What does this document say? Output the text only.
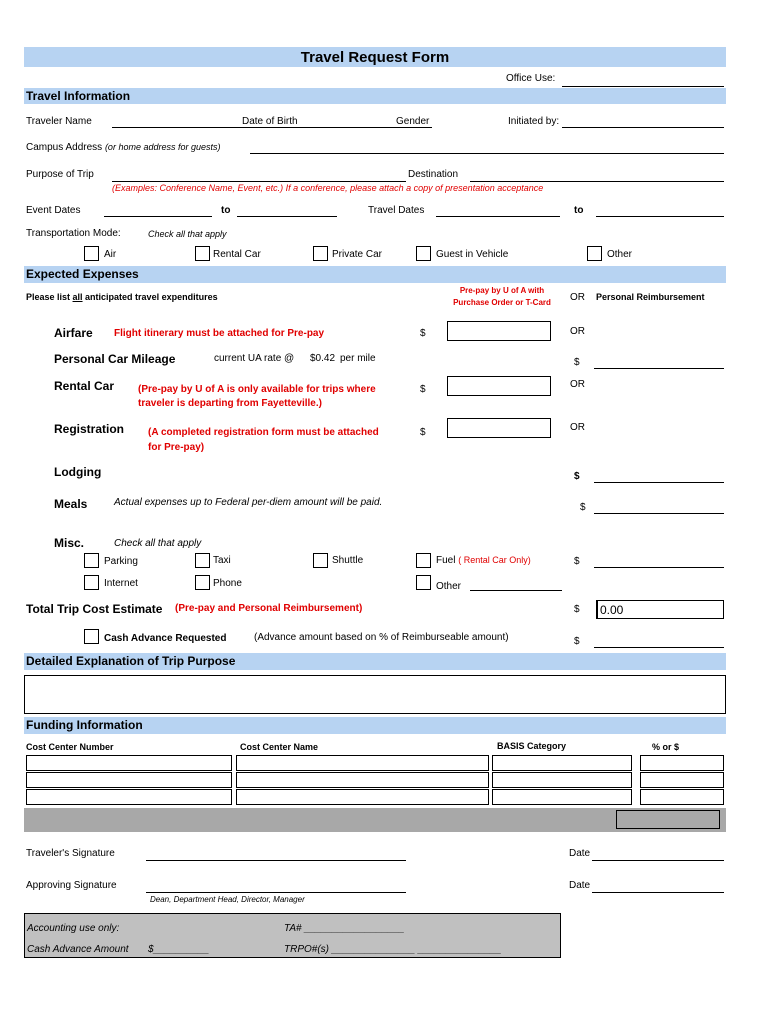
Travel Request Form
Office Use:
Travel Information
Traveler Name	Date of Birth	Gender	Initiated by:
Campus Address (or home address for guests)
Purpose of Trip	Destination
(Examples: Conference Name, Event, etc.) If a conference, please attach a copy of presentation acceptance
Event Dates	to	Travel Dates	to
Transportation Mode:	Check all that apply
Air	Rental Car	Private Car	Guest in Vehicle	Other
Expected Expenses
Please list all anticipated travel expenditures
Pre-pay by U of A with
Purchase Order or T-Card	OR Personal Reimbursement
Airfare Flight itinerary must be attached for Pre-pay	$	OR
Personal Car Mileage	current UA rate @ $0.42 per mile	$
Rental Car (Pre-pay by U of A is only available for trips where
traveler is departing from Fayetteville.)
$	OR
Registration (A completed registration form must be attached
for Pre-pay)
$	OR
Lodging	$
Meals	Actual expenses up to Federal per-diem amount will be paid.	$
Misc.	Check all that apply
Parking	Taxi	Shuttle	Fuel ( Rental Car Only)	$
Internet	Phone	Other
Total Trip Cost Estimate (Pre-pay and Personal Reimbursement)	$ 0.00
Cash Advance Requested	(Advance amount based on % of Reimburseable amount)	$
Detailed Explanation of Trip Purpose
Funding Information
Cost Center Number	Cost Center Name	BASIS Category	% or $
Traveler's Signature	Date
Approving Signature	Date
Dean, Department Head, Director, Manager
Accounting use only:	TA# __________________
Cash Advance Amount $__________	TRPO#(s) _______________ _______________
